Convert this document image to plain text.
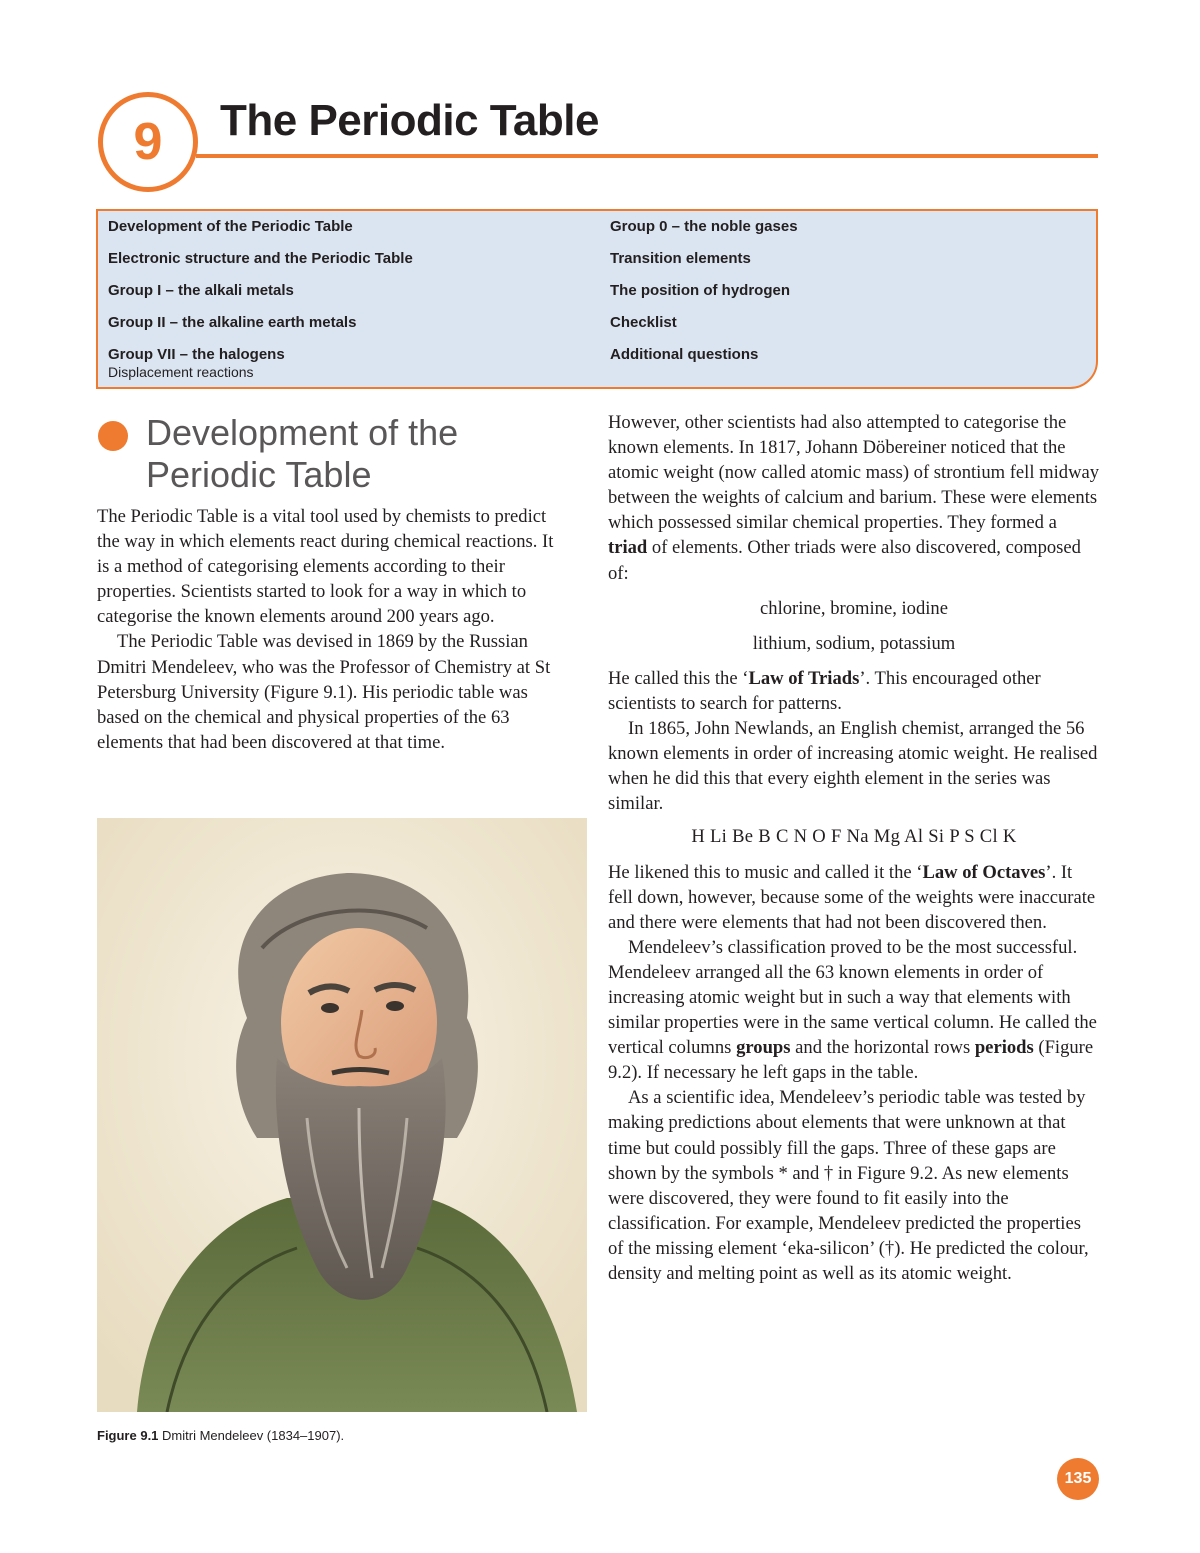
9 The Periodic Table
Development of the Periodic Table
Electronic structure and the Periodic Table
Group I – the alkali metals
Group II – the alkaline earth metals
Group VII – the halogens
Displacement reactions
Group 0 – the noble gases
Transition elements
The position of hydrogen
Checklist
Additional questions
Development of the Periodic Table

The Periodic Table is a vital tool used by chemists to predict the way in which elements react during chemical reactions. It is a method of categorising elements according to their properties. Scientists started to look for a way in which to categorise the known elements around 200 years ago.

The Periodic Table was devised in 1869 by the Russian Dmitri Mendeleev, who was the Professor of Chemistry at St Petersburg University (Figure 9.1). His periodic table was based on the chemical and physical properties of the 63 elements that had been discovered at that time.

Figure 9.1 Dmitri Mendeleev (1834–1907).

However, other scientists had also attempted to categorise the known elements. In 1817, Johann Döbereiner noticed that the atomic weight (now called atomic mass) of strontium fell midway between the weights of calcium and barium. These were elements which possessed similar chemical properties. They formed a triad of elements. Other triads were also discovered, composed of:

chlorine, bromine, iodine

lithium, sodium, potassium

He called this the ‘Law of Triads’. This encouraged other scientists to search for patterns.

In 1865, John Newlands, an English chemist, arranged the 56 known elements in order of increasing atomic weight. He realised when he did this that every eighth element in the series was similar.

H Li Be B C N O F Na Mg Al Si P S Cl K

He likened this to music and called it the ‘Law of Octaves’. It fell down, however, because some of the weights were inaccurate and there were elements that had not been discovered then.

Mendeleev’s classification proved to be the most successful. Mendeleev arranged all the 63 known elements in order of increasing atomic weight but in such a way that elements with similar properties were in the same vertical column. He called the vertical columns groups and the horizontal rows periods (Figure 9.2). If necessary he left gaps in the table.

As a scientific idea, Mendeleev’s periodic table was tested by making predictions about elements that were unknown at that time but could possibly fill the gaps. Three of these gaps are shown by the symbols * and † in Figure 9.2. As new elements were discovered, they were found to fit easily into the classification. For example, Mendeleev predicted the properties of the missing element ‘eka-silicon’ (†). He predicted the colour, density and melting point as well as its atomic weight.

135
